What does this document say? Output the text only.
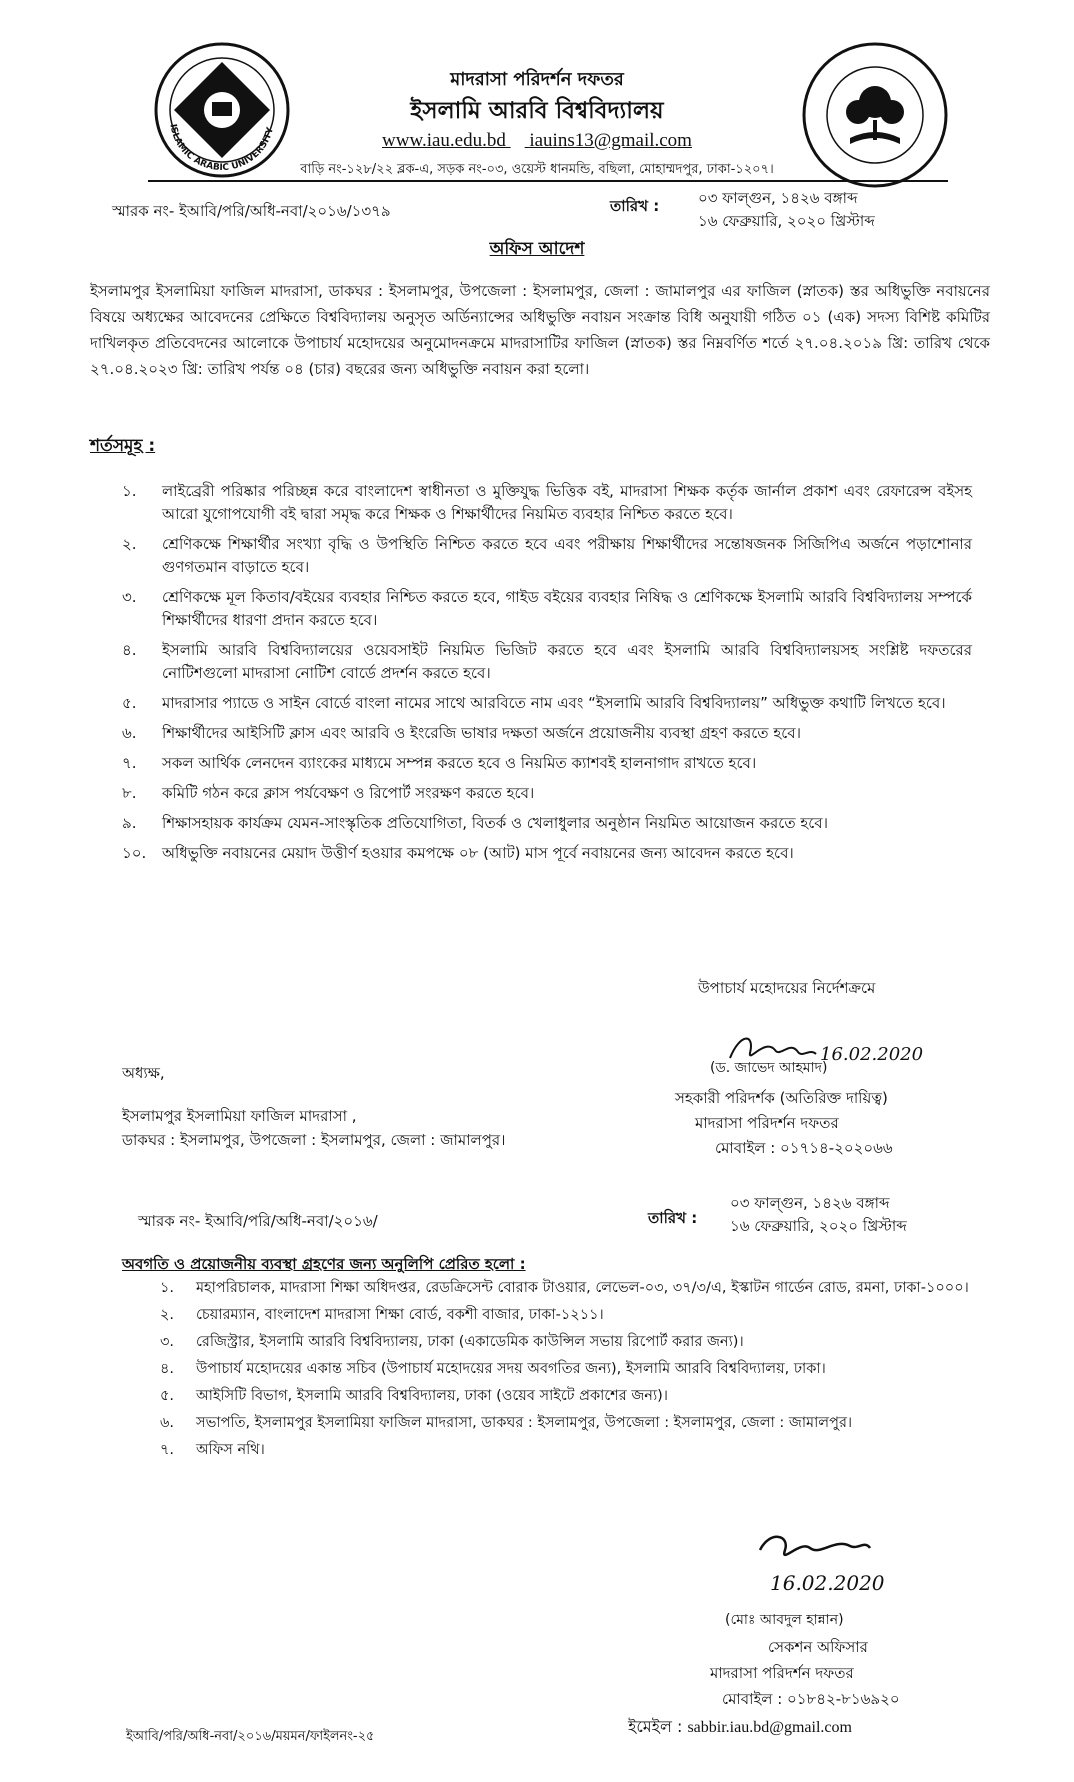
ISLAMIC ARABIC UNIVERSITY
মাদরাসা পরিদর্শন দফতর
ইসলামি আরবি বিশ্ববিদ্যালয়
www.iau.edu.bd iauins13@gmail.com
বাড়ি নং-১২৮/২২ ব্লক-এ, সড়ক নং-০৩, ওয়েস্ট ধানমন্ডি, বছিলা, মোহাম্মদপুর, ঢাকা-১২০৭।
স্মারক নং- ইআবি/পরি/অধি-নবা/২০১৬/১৩৭৯	তারিখ :	০৩ ফাল্গুন, ১৪২৬ বঙ্গাব্দ
১৬ ফেব্রুয়ারি, ২০২০ খ্রিস্টাব্দ
অফিস আদেশ
ইসলামপুর ইসলামিয়া ফাজিল মাদরাসা, ডাকঘর : ইসলামপুর, উপজেলা : ইসলামপুর, জেলা : জামালপুর এর ফাজিল (স্নাতক) স্তর অধিভুক্তি নবায়নের বিষয়ে অধ্যক্ষের আবেদনের প্রেক্ষিতে বিশ্ববিদ্যালয় অনুসৃত অর্ডিন্যান্সের অধিভুক্তি নবায়ন সংক্রান্ত বিধি অনুযায়ী গঠিত ০১ (এক) সদস্য বিশিষ্ট কমিটির দাখিলকৃত প্রতিবেদনের আলোকে উপাচার্য মহোদয়ের অনুমোদনক্রমে মাদরাসাটির ফাজিল (স্নাতক) স্তর নিম্নবর্ণিত শর্তে ২৭.০৪.২০১৯ খ্রি: তারিখ থেকে ২৭.০৪.২০২৩ খ্রি: তারিখ পর্যন্ত ০৪ (চার) বছরের জন্য অধিভুক্তি নবায়ন করা হলো।
শর্তসমূহ :
১.	লাইব্রেরী পরিষ্কার পরিচ্ছন্ন করে বাংলাদেশ স্বাধীনতা ও মুক্তিযুদ্ধ ভিত্তিক বই, মাদরাসা শিক্ষক কর্তৃক জার্নাল প্রকাশ এবং রেফারেন্স বইসহ আরো যুগোপযোগী বই দ্বারা সমৃদ্ধ করে শিক্ষক ও শিক্ষার্থীদের নিয়মিত ব্যবহার নিশ্চিত করতে হবে।
২.	শ্রেণিকক্ষে শিক্ষার্থীর সংখ্যা বৃদ্ধি ও উপস্থিতি নিশ্চিত করতে হবে এবং পরীক্ষায় শিক্ষার্থীদের সন্তোষজনক সিজিপিএ অর্জনে পড়াশোনার গুণগতমান বাড়াতে হবে।
৩.	শ্রেণিকক্ষে মূল কিতাব/বইয়ের ব্যবহার নিশ্চিত করতে হবে, গাইড বইয়ের ব্যবহার নিষিদ্ধ ও শ্রেণিকক্ষে ইসলামি আরবি বিশ্ববিদ্যালয় সম্পর্কে শিক্ষার্থীদের ধারণা প্রদান করতে হবে।
৪.	ইসলামি আরবি বিশ্ববিদ্যালয়ের ওয়েবসাইট নিয়মিত ভিজিট করতে হবে এবং ইসলামি আরবি বিশ্ববিদ্যালয়সহ সংশ্লিষ্ট দফতরের নোটিশগুলো মাদরাসা নোটিশ বোর্ডে প্রদর্শন করতে হবে।
৫.	মাদরাসার প্যাডে ও সাইন বোর্ডে বাংলা নামের সাথে আরবিতে নাম এবং “ইসলামি আরবি বিশ্ববিদ্যালয়” অধিভুক্ত কথাটি লিখতে হবে।
৬.	শিক্ষার্থীদের আইসিটি ক্লাস এবং আরবি ও ইংরেজি ভাষার দক্ষতা অর্জনে প্রয়োজনীয় ব্যবস্থা গ্রহণ করতে হবে।
৭.	সকল আর্থিক লেনদেন ব্যাংকের মাধ্যমে সম্পন্ন করতে হবে ও নিয়মিত ক্যাশবই হালনাগাদ রাখতে হবে।
৮.	কমিটি গঠন করে ক্লাস পর্যবেক্ষণ ও রিপোর্ট সংরক্ষণ করতে হবে।
৯.	শিক্ষাসহায়ক কার্যক্রম যেমন-সাংস্কৃতিক প্রতিযোগিতা, বিতর্ক ও খেলাধুলার অনুষ্ঠান নিয়মিত আয়োজন করতে হবে।
১০.	অধিভুক্তি নবায়নের মেয়াদ উত্তীর্ণ হওয়ার কমপক্ষে ০৮ (আট) মাস পূর্বে নবায়নের জন্য আবেদন করতে হবে।
উপাচার্য মহোদয়ের নির্দেশক্রমে
16.02.2020
(ড. জাভেদ আহমাদ)
সহকারী পরিদর্শক (অতিরিক্ত দায়িত্ব)
মাদরাসা পরিদর্শন দফতর
মোবাইল : ০১৭১৪-২০২০৬৬
অধ্যক্ষ,
ইসলামপুর ইসলামিয়া ফাজিল মাদরাসা ,
ডাকঘর : ইসলামপুর, উপজেলা : ইসলামপুর, জেলা : জামালপুর।
স্মারক নং- ইআবি/পরি/অধি-নবা/২০১৬/	তারিখ :
০৩ ফাল্গুন, ১৪২৬ বঙ্গাব্দ
১৬ ফেব্রুয়ারি, ২০২০ খ্রিস্টাব্দ
অবগতি ও প্রয়োজনীয় ব্যবস্থা গ্রহণের জন্য অনুলিপি প্রেরিত হলো :
১.	মহাপরিচালক, মাদরাসা শিক্ষা অধিদপ্তর, রেডক্রিসেন্ট বোরাক টাওয়ার, লেভেল-০৩, ৩৭/৩/এ, ইস্কাটন গার্ডেন রোড, রমনা, ঢাকা-১০০০।
২.	চেয়ারম্যান, বাংলাদেশ মাদরাসা শিক্ষা বোর্ড, বকশী বাজার, ঢাকা-১২১১।
৩.	রেজিস্ট্রার, ইসলামি আরবি বিশ্ববিদ্যালয়, ঢাকা (একাডেমিক কাউন্সিল সভায় রিপোর্ট করার জন্য)।
৪.	উপাচার্য মহোদয়ের একান্ত সচিব (উপাচার্য মহোদয়ের সদয় অবগতির জন্য), ইসলামি আরবি বিশ্ববিদ্যালয়, ঢাকা।
৫.	আইসিটি বিভাগ, ইসলামি আরবি বিশ্ববিদ্যালয়, ঢাকা (ওয়েব সাইটে প্রকাশের জন্য)।
৬.	সভাপতি, ইসলামপুর ইসলামিয়া ফাজিল মাদরাসা, ডাকঘর : ইসলামপুর, উপজেলা : ইসলামপুর, জেলা : জামালপুর।
৭.	অফিস নথি।
16.02.2020
(মোঃ আবদুল হান্নান)
সেকশন অফিসার
মাদরাসা পরিদর্শন দফতর
মোবাইল : ০১৮৪২-৮১৬৯২০
ইমেইল : sabbir.iau.bd@gmail.com
ইআবি/পরি/অধি-নবা/২০১৬/ময়মন/ফাইলনং-২৫
